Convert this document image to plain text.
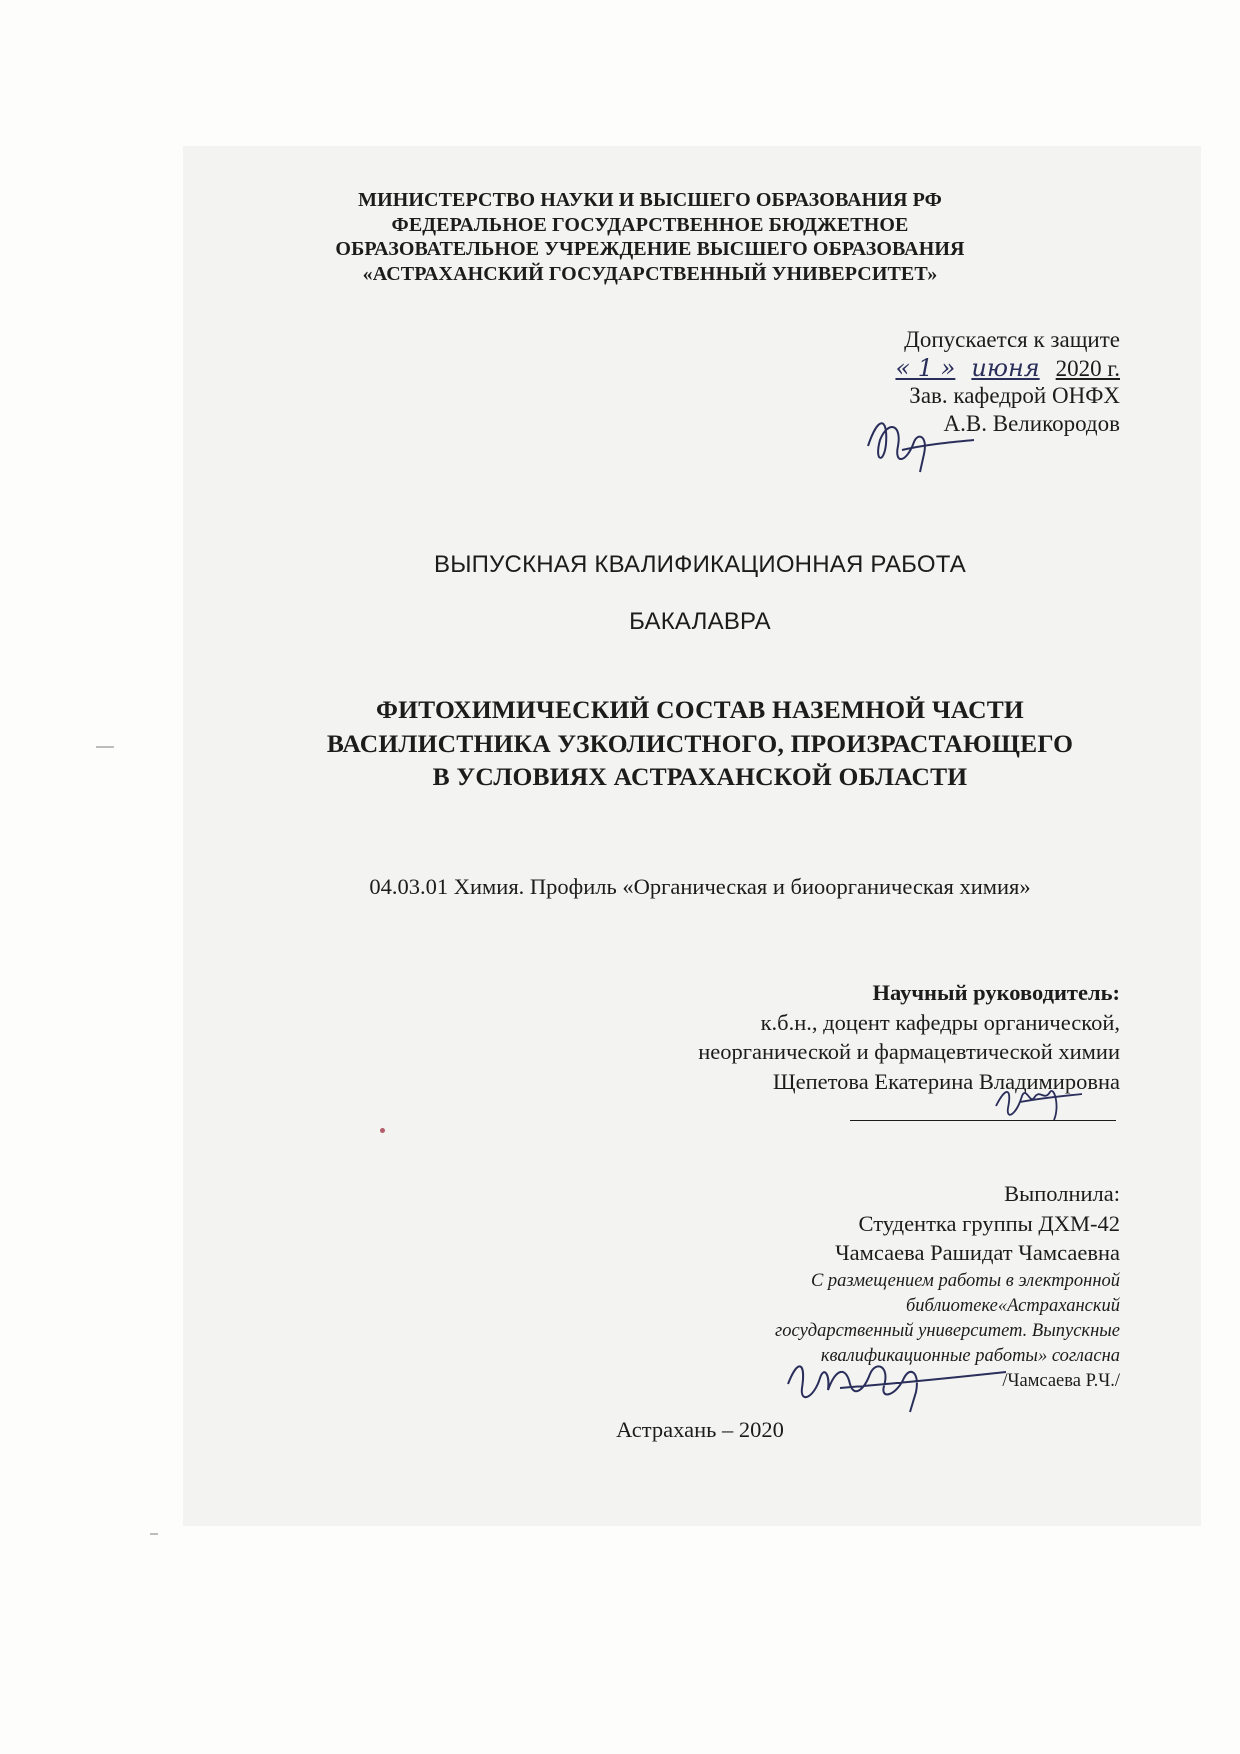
МИНИСТЕРСТВО НАУКИ И ВЫСШЕГО ОБРАЗОВАНИЯ РФ
ФЕДЕРАЛЬНОЕ ГОСУДАРСТВЕННОЕ БЮДЖЕТНОЕ
ОБРАЗОВАТЕЛЬНОЕ УЧРЕЖДЕНИЕ ВЫСШЕГО ОБРАЗОВАНИЯ
«АСТРАХАНСКИЙ ГОСУДАРСТВЕННЫЙ УНИВЕРСИТЕТ»
Допускается к защите
« 1 » июня 2020 г.
Зав. кафедрой ОНФХ
А.В. Великородов
ВЫПУСКНАЯ КВАЛИФИКАЦИОННАЯ РАБОТА
БАКАЛАВРА
ФИТОХИМИЧЕСКИЙ СОСТАВ НАЗЕМНОЙ ЧАСТИ
ВАСИЛИСТНИКА УЗКОЛИСТНОГО, ПРОИЗРАСТАЮЩЕГО
В УСЛОВИЯХ АСТРАХАНСКОЙ ОБЛАСТИ
04.03.01 Химия. Профиль «Органическая и биоорганическая химия»
Научный руководитель:
к.б.н., доцент кафедры органической,
неорганической и фармацевтической химии
Щепетова Екатерина Владимировна
Выполнила:
Студентка группы ДХМ-42
Чамсаева Рашидат Чамсаевна
С размещением работы в электронной
библиотеке«Астраханский
государственный университет. Выпускные
квалификационные работы» согласна
/Чамсаева Р.Ч./
Астрахань – 2020
